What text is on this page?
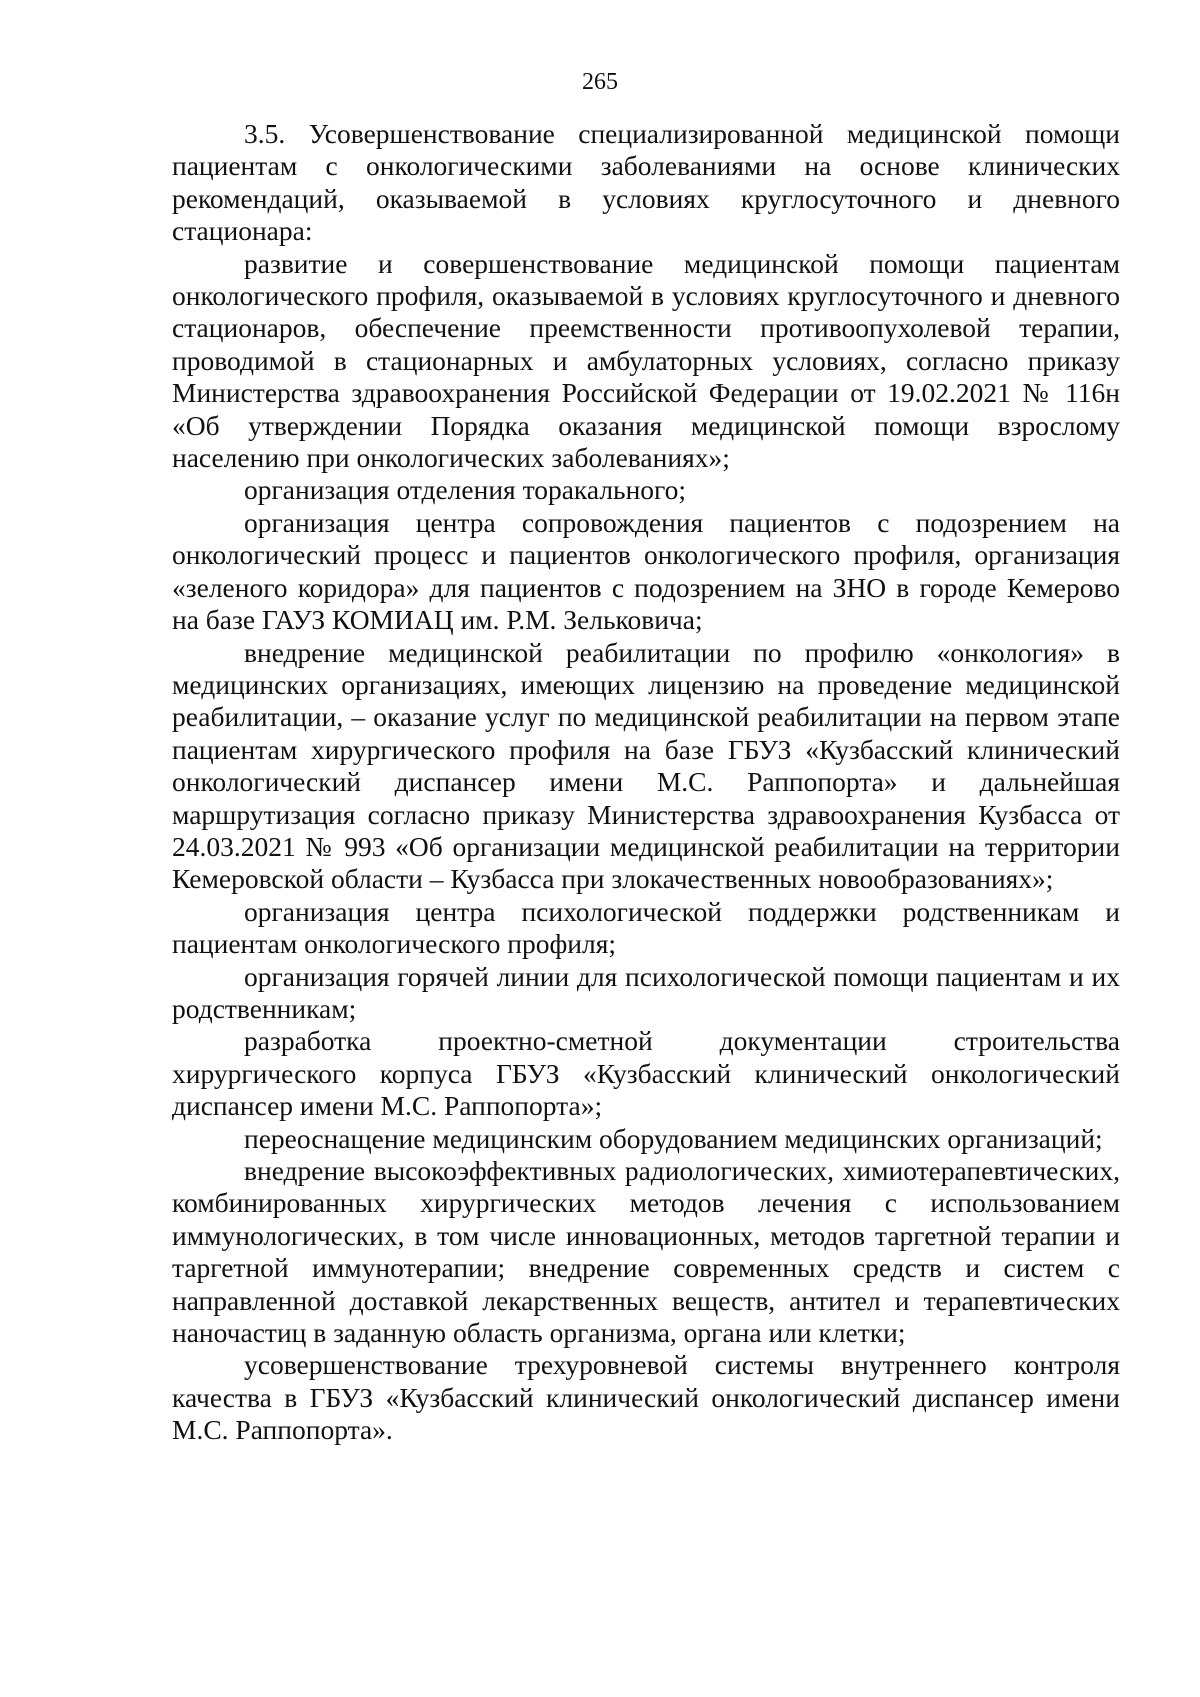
265

3.5. Усовершенствование специализированной медицинской помощи пациентам с онкологическими заболеваниями на основе клинических рекомендаций, оказываемой в условиях круглосуточного и дневного стационара:

развитие и совершенствование медицинской помощи пациентам онкологического профиля, оказываемой в условиях круглосуточного и дневного стационаров, обеспечение преемственности противоопухолевой терапии, проводимой в стационарных и амбулаторных условиях, согласно приказу Министерства здравоохранения Российской Федерации от 19.02.2021 № 116н «Об утверждении Порядка оказания медицинской помощи взрослому населению при онкологических заболеваниях»;

организация отделения торакального;

организация центра сопровождения пациентов с подозрением на онкологический процесс и пациентов онкологического профиля, организация «зеленого коридора» для пациентов с подозрением на ЗНО в городе Кемерово на базе ГАУЗ КОМИАЦ им. Р.М. Зельковича;

внедрение медицинской реабилитации по профилю «онкология» в медицинских организациях, имеющих лицензию на проведение медицинской реабилитации, – оказание услуг по медицинской реабилитации на первом этапе пациентам хирургического профиля на базе ГБУЗ «Кузбасский клинический онкологический диспансер имени М.С. Раппопорта» и дальнейшая маршрутизация согласно приказу Министерства здравоохранения Кузбасса от 24.03.2021 № 993 «Об организации медицинской реабилитации на территории Кемеровской области – Кузбасса при злокачественных новообразованиях»;

организация центра психологической поддержки родственникам и пациентам онкологического профиля;

организация горячей линии для психологической помощи пациентам и их родственникам;

разработка проектно-сметной документации строительства хирургического корпуса ГБУЗ «Кузбасский клинический онкологический диспансер имени М.С. Раппопорта»;

переоснащение медицинским оборудованием медицинских организаций;

внедрение высокоэффективных радиологических, химиотерапевтических, комбинированных хирургических методов лечения с использованием иммунологических, в том числе инновационных, методов таргетной терапии и таргетной иммунотерапии; внедрение современных средств и систем с направленной доставкой лекарственных веществ, антител и терапевтических наночастиц в заданную область организма, органа или клетки;

усовершенствование трехуровневой системы внутреннего контроля качества в ГБУЗ «Кузбасский клинический онкологический диспансер имени М.С. Раппопорта».
